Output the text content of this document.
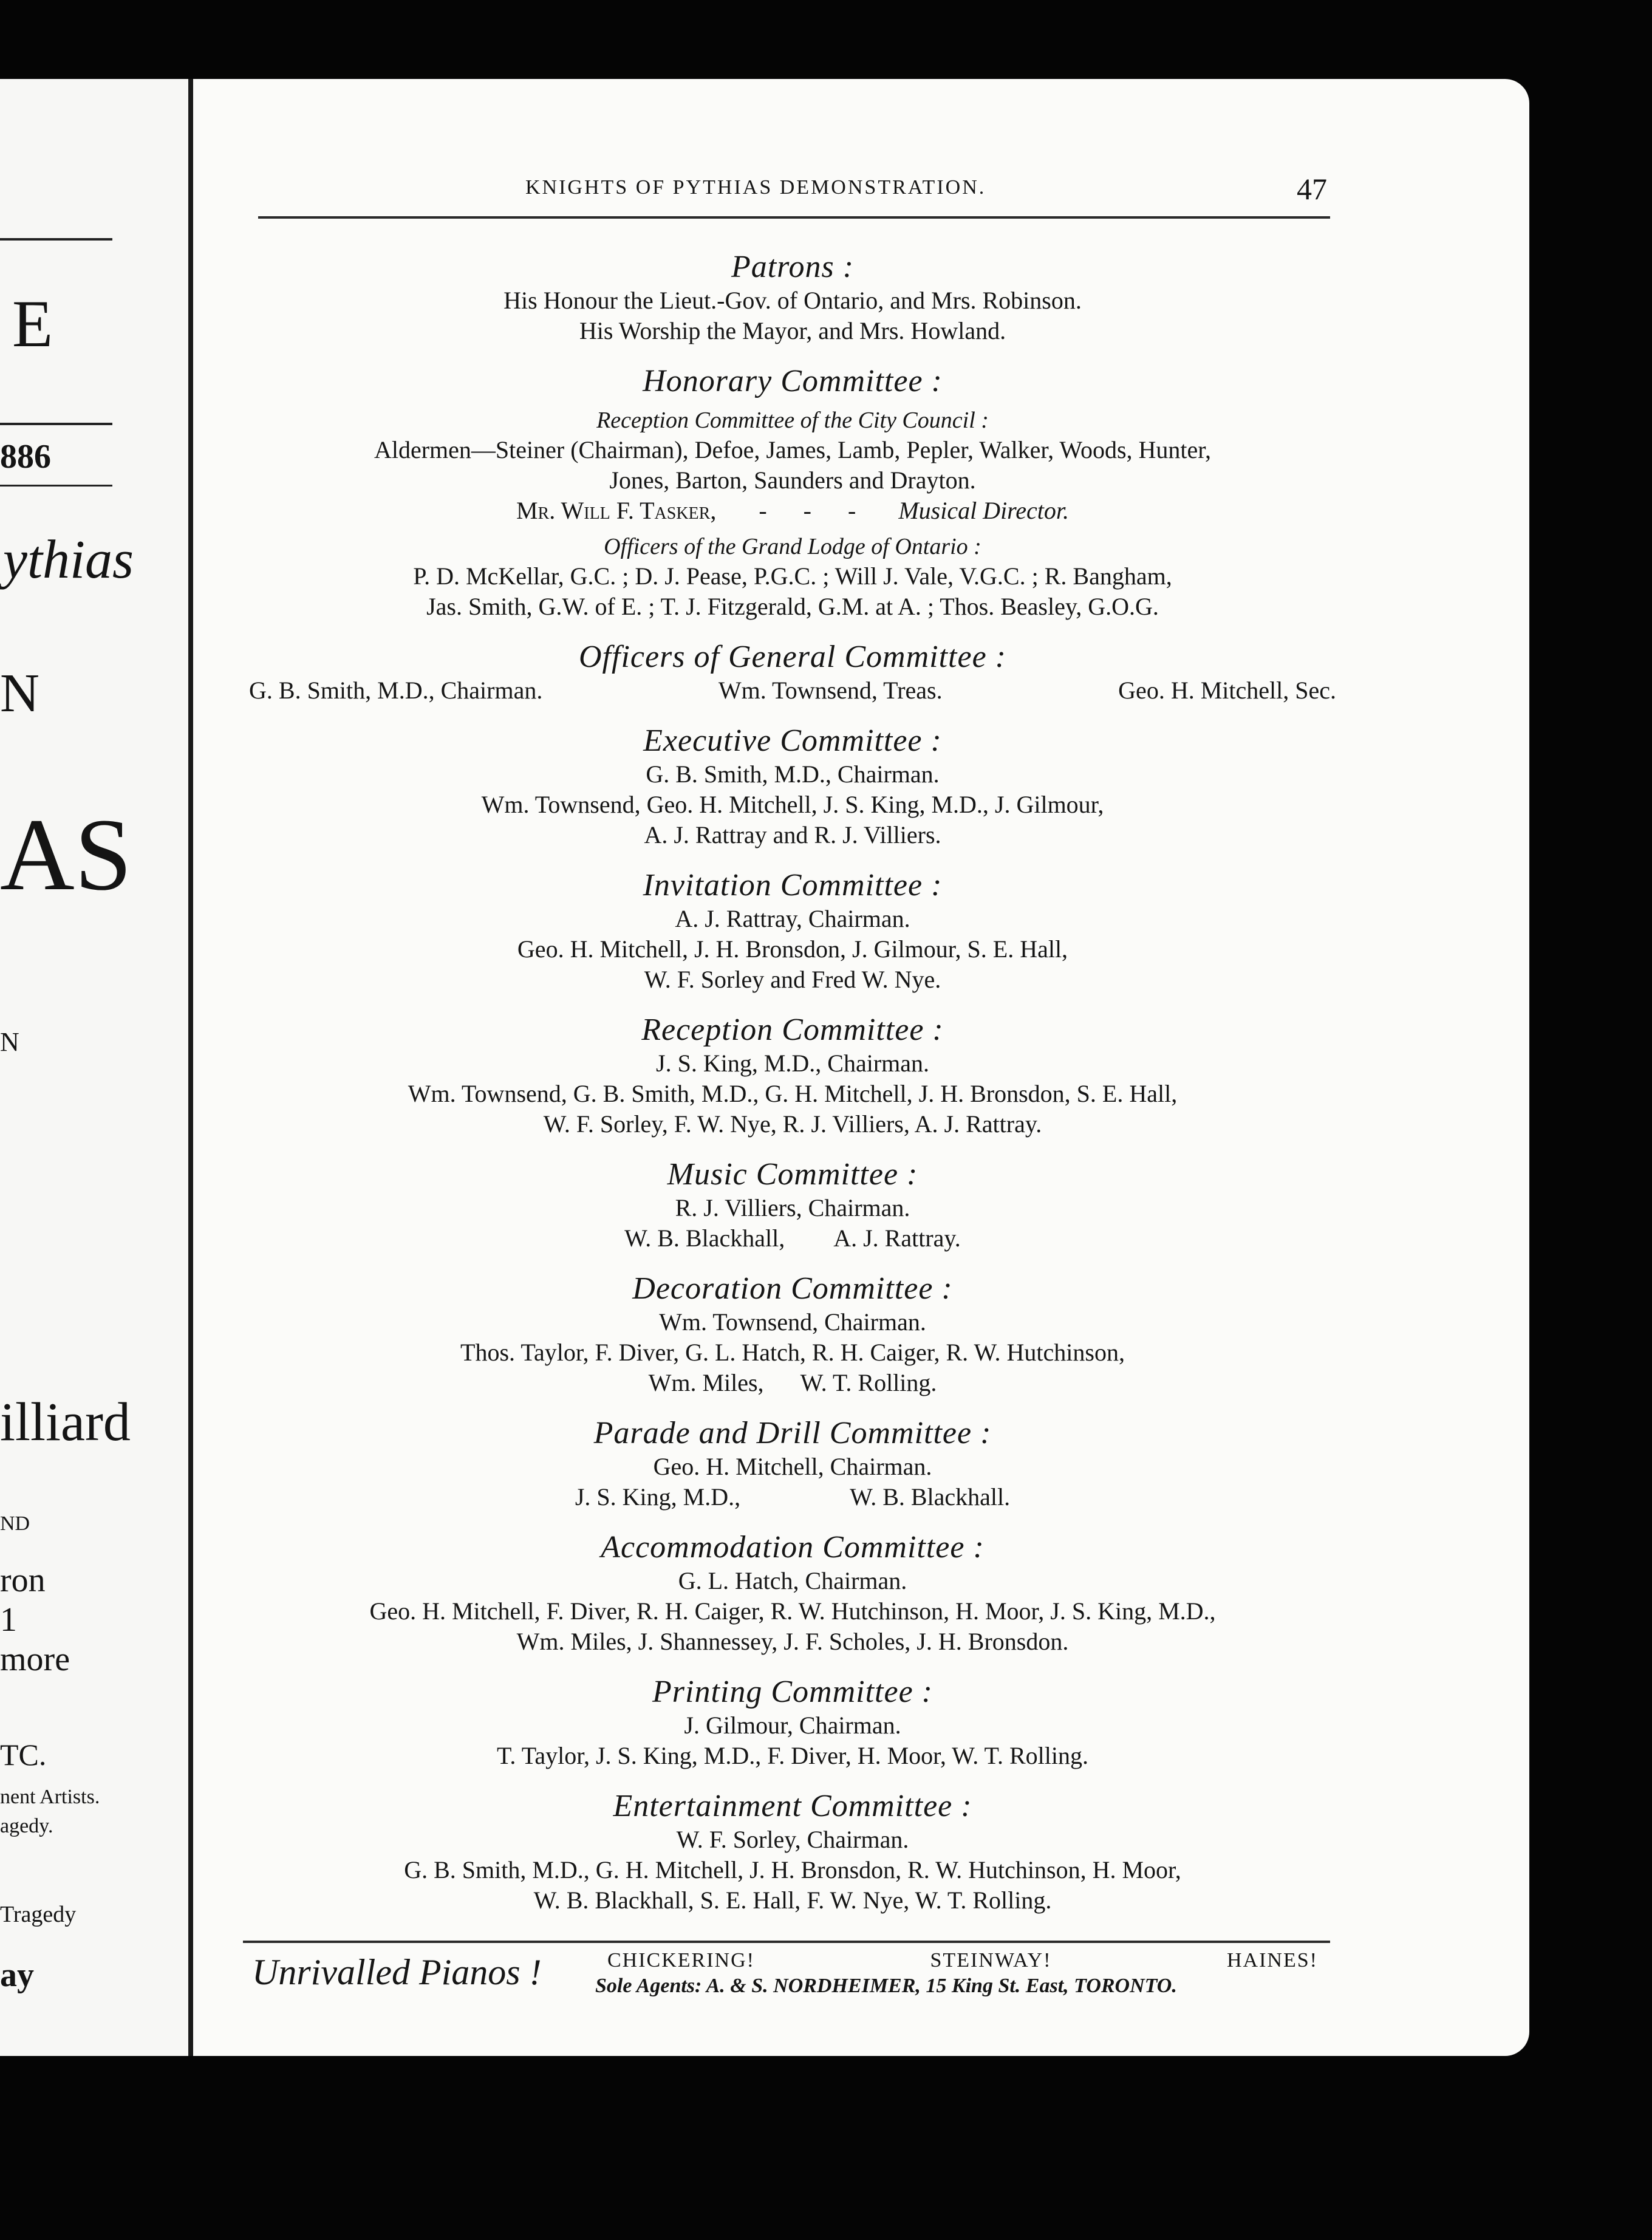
E
886
ythias
N
AS
N
illiard
ND
ron
1
more
TC.
nent Artists.
agedy.
Tragedy
ay
KNIGHTS OF PYTHIAS DEMONSTRATION.	47
Patrons :
His Honour the Lieut.-Gov. of Ontario, and Mrs. Robinson.
His Worship the Mayor, and Mrs. Howland.
Honorary Committee :
Reception Committee of the City Council :
Aldermen—Steiner (Chairman), Defoe, James, Lamb, Pepler, Walker, Woods, Hunter,
Jones, Barton, Saunders and Drayton.
Mr. Will F. Tasker, -      -      - Musical Director.
Officers of the Grand Lodge of Ontario :
P. D. McKellar, G.C. ; D. J. Pease, P.G.C. ; Will J. Vale, V.G.C. ; R. Bangham,
Jas. Smith, G.W. of E. ; T. J. Fitzgerald, G.M. at A. ; Thos. Beasley, G.O.G.
Officers of General Committee :
G. B. Smith, M.D., Chairman.	Wm. Townsend, Treas.	Geo. H. Mitchell, Sec.
Executive Committee :
G. B. Smith, M.D., Chairman.
Wm. Townsend, Geo. H. Mitchell, J. S. King, M.D., J. Gilmour,
A. J. Rattray and R. J. Villiers.
Invitation Committee :
A. J. Rattray, Chairman.
Geo. H. Mitchell, J. H. Bronsdon, J. Gilmour, S. E. Hall,
W. F. Sorley and Fred W. Nye.
Reception Committee :
J. S. King, M.D., Chairman.
Wm. Townsend, G. B. Smith, M.D., G. H. Mitchell, J. H. Bronsdon, S. E. Hall,
W. F. Sorley, F. W. Nye, R. J. Villiers, A. J. Rattray.
Music Committee :
R. J. Villiers, Chairman.
W. B. Blackhall, A. J. Rattray.
Decoration Committee :
Wm. Townsend, Chairman.
Thos. Taylor, F. Diver, G. L. Hatch, R. H. Caiger, R. W. Hutchinson,
Wm. Miles, W. T. Rolling.
Parade and Drill Committee :
Geo. H. Mitchell, Chairman.
J. S. King, M.D.,	W. B. Blackhall.
Accommodation Committee :
G. L. Hatch, Chairman.
Geo. H. Mitchell, F. Diver, R. H. Caiger, R. W. Hutchinson, H. Moor, J. S. King, M.D.,
Wm. Miles, J. Shannessey, J. F. Scholes, J. H. Bronsdon.
Printing Committee :
J. Gilmour, Chairman.
T. Taylor, J. S. King, M.D., F. Diver, H. Moor, W. T. Rolling.
Entertainment Committee :
W. F. Sorley, Chairman.
G. B. Smith, M.D., G. H. Mitchell, J. H. Bronsdon, R. W. Hutchinson, H. Moor,
W. B. Blackhall, S. E. Hall, F. W. Nye, W. T. Rolling.
Unrivalled Pianos !	CHICKERING!	STEINWAY!	HAINES!
Sole Agents: A. & S. NORDHEIMER, 15 King St. East, TORONTO.
